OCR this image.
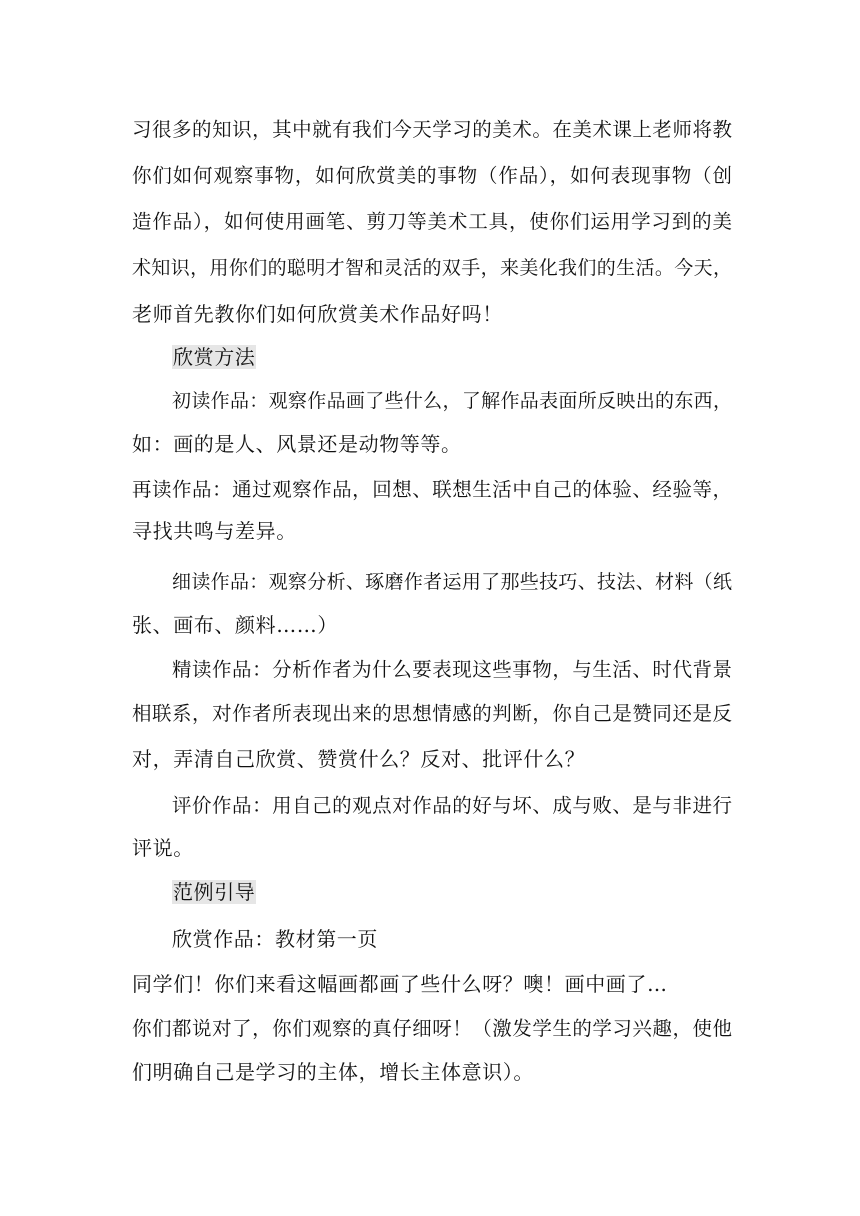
习很多的知识，其中就有我们今天学习的美术。在美术课上老师将教
你们如何观察事物，如何欣赏美的事物（作品），如何表现事物（创
造作品），如何使用画笔、剪刀等美术工具，使你们运用学习到的美
术知识，用你们的聪明才智和灵活的双手，来美化我们的生活。今天，
老师首先教你们如何欣赏美术作品好吗！
欣赏方法
初读作品：观察作品画了些什么，了解作品表面所反映出的东西，
如：画的是人、风景还是动物等等。
再读作品：通过观察作品，回想、联想生活中自己的体验、经验等，
寻找共鸣与差异。
细读作品：观察分析、琢磨作者运用了那些技巧、技法、材料（纸
张、画布、颜料……）
精读作品：分析作者为什么要表现这些事物，与生活、时代背景
相联系，对作者所表现出来的思想情感的判断，你自己是赞同还是反
对，弄清自己欣赏、赞赏什么？反对、批评什么？
评价作品：用自己的观点对作品的好与坏、成与败、是与非进行
评说。
范例引导
欣赏作品：教材第一页
同学们！你们来看这幅画都画了些什么呀？噢！画中画了…
你们都说对了，你们观察的真仔细呀！（激发学生的学习兴趣，使他
们明确自己是学习的主体，增长主体意识）。
